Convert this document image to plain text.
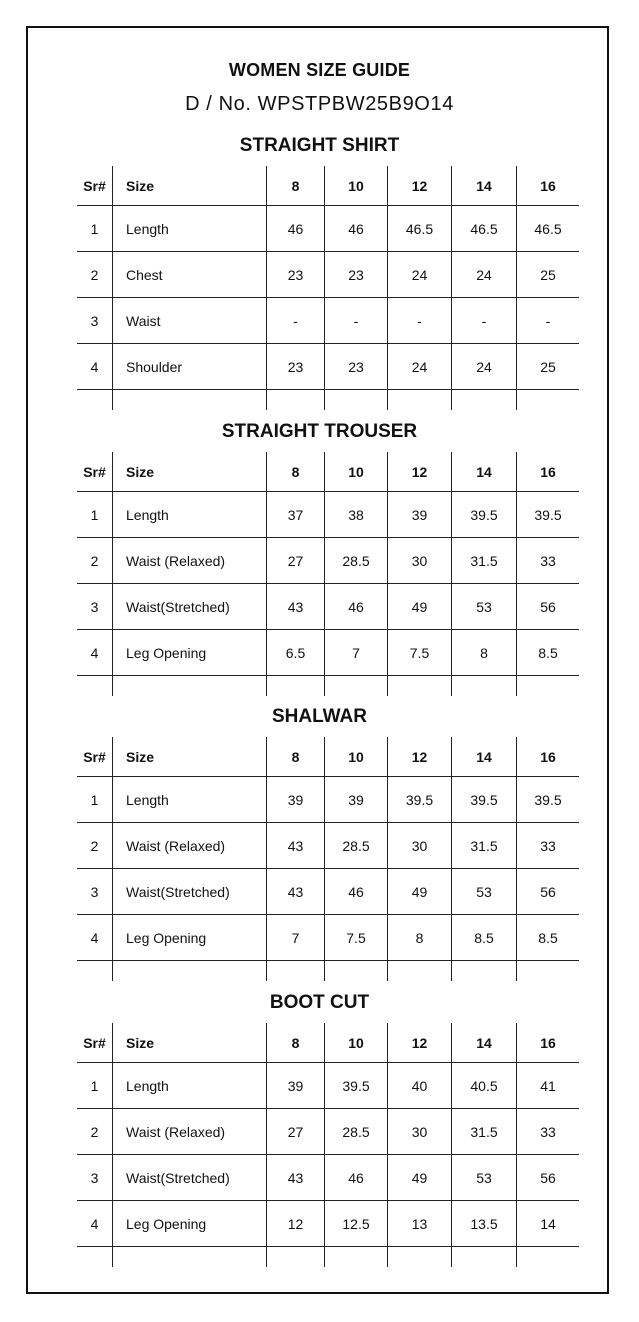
WOMEN SIZE GUIDE
D / No. WPSTPBW25B9O14
STRAIGHT SHIRT
Sr#	Size	8	10	12	14	16
1	Length	46	46	46.5	46.5	46.5
2	Chest	23	23	24	24	25
3	Waist	-	-	-	-	-
4	Shoulder	23	23	24	24	25

STRAIGHT TROUSER
Sr#	Size	8	10	12	14	16
1	Length	37	38	39	39.5	39.5
2	Waist (Relaxed)	27	28.5	30	31.5	33
3	Waist(Stretched)	43	46	49	53	56
4	Leg Opening	6.5	7	7.5	8	8.5

SHALWAR
Sr#	Size	8	10	12	14	16
1	Length	39	39	39.5	39.5	39.5
2	Waist (Relaxed)	43	28.5	30	31.5	33
3	Waist(Stretched)	43	46	49	53	56
4	Leg Opening	7	7.5	8	8.5	8.5

BOOT CUT
Sr#	Size	8	10	12	14	16
1	Length	39	39.5	40	40.5	41
2	Waist (Relaxed)	27	28.5	30	31.5	33
3	Waist(Stretched)	43	46	49	53	56
4	Leg Opening	12	12.5	13	13.5	14
